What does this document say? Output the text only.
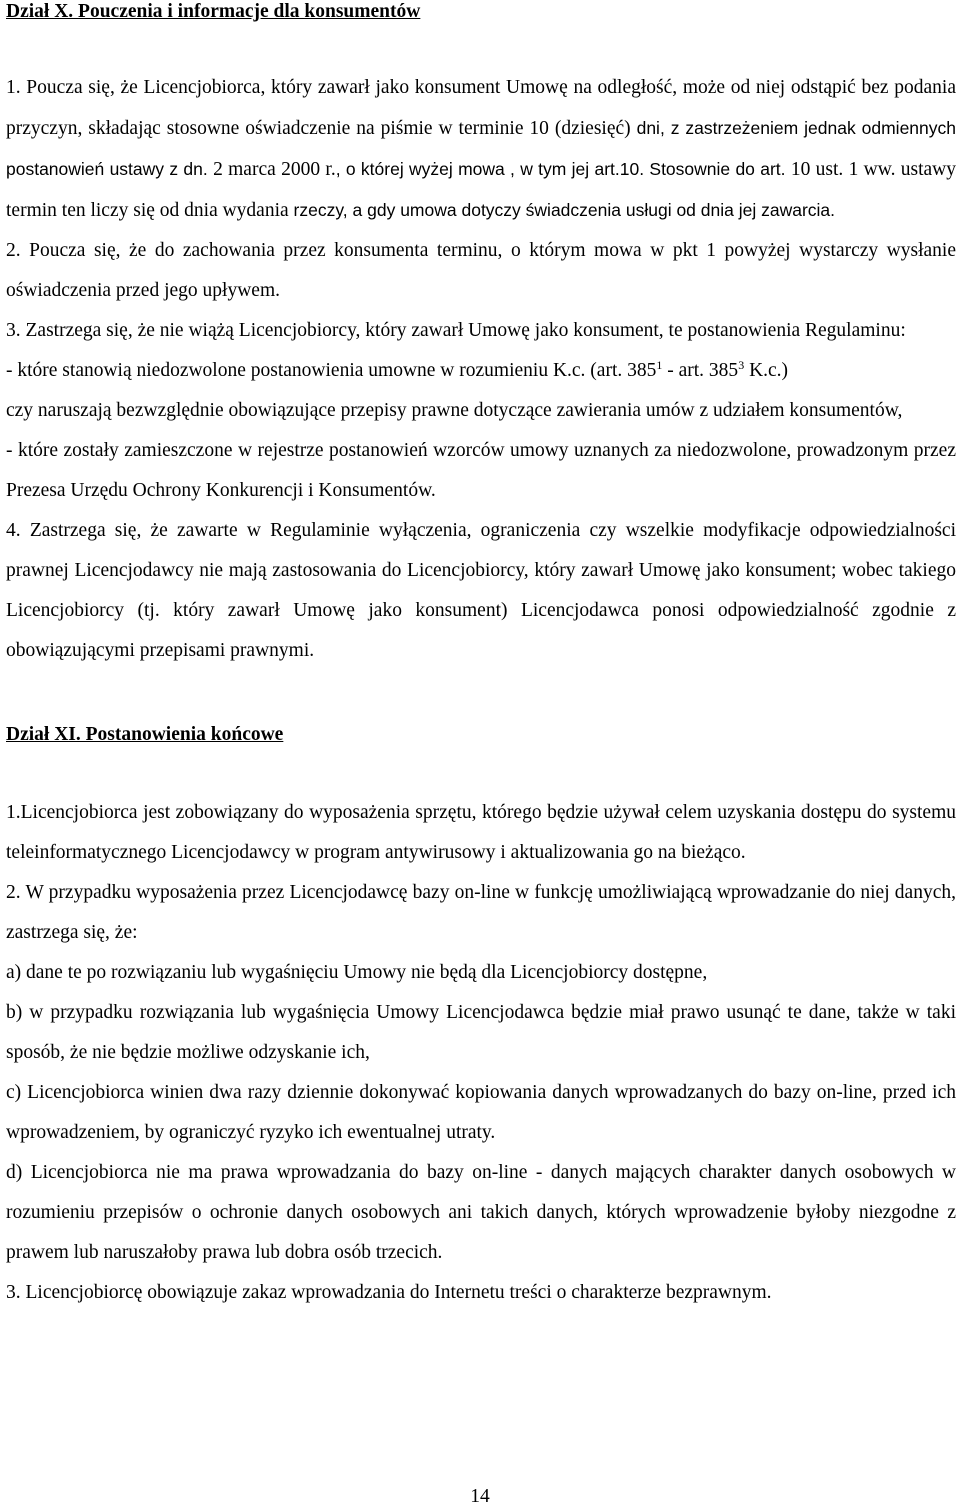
Dział X. Pouczenia i informacje dla konsumentów
1. Poucza się, że Licencjobiorca, który zawarł jako konsument Umowę na odległość, może od niej odstąpić bez podania przyczyn, składając stosowne oświadczenie na piśmie w terminie 10 (dziesięć) dni, z zastrzeżeniem jednak odmiennych postanowień ustawy z dn. 2 marca 2000 r., o której wyżej mowa , w tym jej art.10. Stosownie do art. 10 ust. 1 ww. ustawy termin ten liczy się od dnia wydania rzeczy, a gdy umowa dotyczy świadczenia usługi od dnia jej zawarcia.
2. Poucza się, że do zachowania przez konsumenta terminu, o którym mowa w pkt 1 powyżej wystarczy wysłanie oświadczenia przed jego upływem.
3. Zastrzega się, że nie wiążą Licencjobiorcy, który zawarł Umowę jako konsument, te postanowienia Regulaminu:
- które stanowią niedozwolone postanowienia umowne w rozumieniu K.c. (art. $385^1$ - art. $385^3$ K.c.)
czy naruszają bezwzględnie obowiązujące przepisy prawne dotyczące zawierania umów z udziałem konsumentów,
- które zostały zamieszczone w rejestrze postanowień wzorców umowy uznanych za niedozwolone, prowadzonym przez Prezesa Urzędu Ochrony Konkurencji i Konsumentów.
4. Zastrzega się, że zawarte w Regulaminie wyłączenia, ograniczenia czy wszelkie modyfikacje odpowiedzialności prawnej Licencjodawcy nie mają zastosowania do Licencjobiorcy, który zawarł Umowę jako konsument; wobec takiego Licencjobiorcy (tj. który zawarł Umowę jako konsument) Licencjodawca ponosi odpowiedzialność zgodnie z obowiązującymi przepisami prawnymi.
Dział XI. Postanowienia końcowe
1.Licencjobiorca jest zobowiązany do wyposażenia sprzętu, którego będzie używał celem uzyskania dostępu do systemu teleinformatycznego Licencjodawcy w program antywirusowy i aktualizowania go na bieżąco.
2. W przypadku wyposażenia przez Licencjodawcę bazy on-line w funkcję umożliwiającą wprowadzanie do niej danych, zastrzega się, że:
a) dane te po rozwiązaniu lub wygaśnięciu Umowy nie będą dla Licencjobiorcy dostępne,
b) w przypadku rozwiązania lub wygaśnięcia Umowy Licencjodawca będzie miał prawo usunąć te dane, także w taki sposób, że nie będzie możliwe odzyskanie ich,
c) Licencjobiorca winien dwa razy dziennie dokonywać kopiowania danych wprowadzanych do bazy on-line, przed ich wprowadzeniem, by ograniczyć ryzyko ich ewentualnej utraty.
d) Licencjobiorca nie ma prawa wprowadzania do bazy on-line - danych mających charakter danych osobowych w rozumieniu przepisów o ochronie danych osobowych ani takich danych, których wprowadzenie byłoby niezgodne z prawem lub naruszałoby prawa lub dobra osób trzecich.
3. Licencjobiorcę obowiązuje zakaz wprowadzania do Internetu treści o charakterze bezprawnym.
14
